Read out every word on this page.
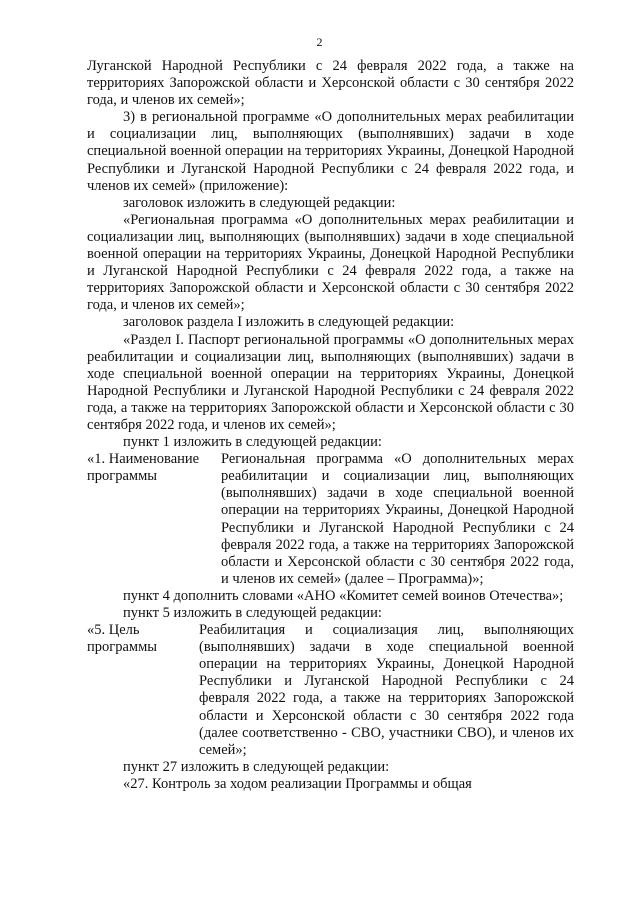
2

Луганской Народной Республики с 24 февраля 2022 года, а также на территориях Запорожской области и Херсонской области с 30 сентября 2022 года, и членов их семей»;

3) в региональной программе «О дополнительных мерах реабилитации и социализации лиц, выполняющих (выполнявших) задачи в ходе специальной военной операции на территориях Украины, Донецкой Народной Республики и Луганской Народной Республики с 24 февраля 2022 года, и членов их семей» (приложение):

заголовок изложить в следующей редакции:

«Региональная программа «О дополнительных мерах реабилитации и социализации лиц, выполняющих (выполнявших) задачи в ходе специальной военной операции на территориях Украины, Донецкой Народной Республики и Луганской Народной Республики с 24 февраля 2022 года, а также на территориях Запорожской области и Херсонской области с 30 сентября 2022 года, и членов их семей»;

заголовок раздела I изложить в следующей редакции:

«Раздел I. Паспорт региональной программы «О дополнительных мерах реабилитации и социализации лиц, выполняющих (выполнявших) задачи в ходе специальной военной операции на территориях Украины, Донецкой Народной Республики и Луганской Народной Республики с 24 февраля 2022 года, а также на территориях Запорожской области и Херсонской области с 30 сентября 2022 года, и членов их семей»;

пункт 1 изложить в следующей редакции:

«1. Наименование программы
Региональная программа «О дополнительных мерах реабилитации и социализации лиц, выполняющих (выполнявших) задачи в ходе специальной военной операции на территориях Украины, Донецкой Народной Республики и Луганской Народной Республики с 24 февраля 2022 года, а также на территориях Запорожской области и Херсонской области с 30 сентября 2022 года, и членов их семей» (далее – Программа)»;

пункт 4 дополнить словами «АНО «Комитет семей воинов Отечества»;

пункт 5 изложить в следующей редакции:

«5. Цель программы
Реабилитация и социализация лиц, выполняющих (выполнявших) задачи в ходе специальной военной операции на территориях Украины, Донецкой Народной Республики и Луганской Народной Республики с 24 февраля 2022 года, а также на территориях Запорожской области и Херсонской области с 30 сентября 2022 года (далее соответственно - СВО, участники СВО), и членов их семей»;

пункт 27 изложить в следующей редакции:

«27. Контроль за ходом реализации Программы и общая
